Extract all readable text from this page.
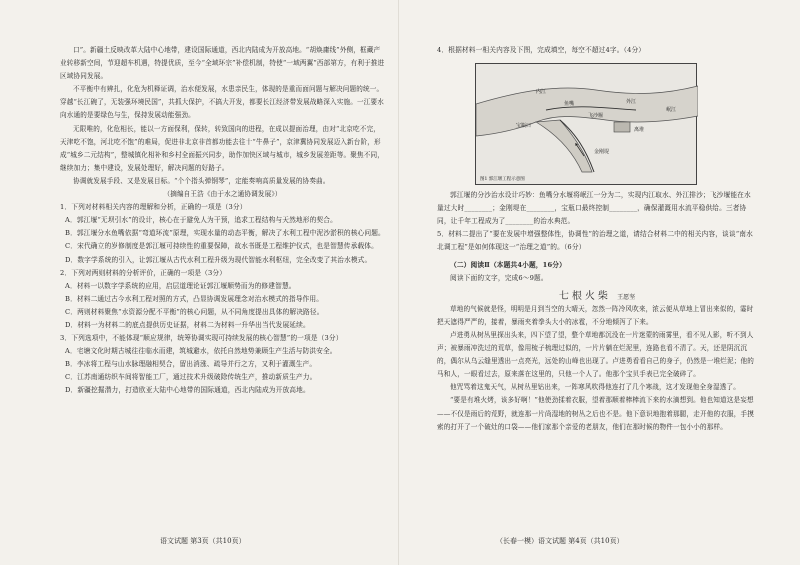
口”。新疆土反映改革大陆中心地带，建设国际通道，西北内陆成为开放高地。“胡焕庸线”外侧，框藏产业转移新空间，节迎超车机遇，特提优质，至今“全域环宗”补偿机制，特使“一域两翼”西部第方，有利于推进区域协同发展。

不平衡中有辨扎，化危为机释证调，治水便发展，水患亲民生，体现的是重而面问题与解决问题的统一。穿越“长江碗了，无装强环境民国”，共抓大保护，不搞大开发，都要长江经济带发展战略深入实施。一江要水向水通的是要绿色与生，保持发展动能强劲。

无限唯的，化危相长，能以一方面保利，保转，转致国向的进程，在成以提面治理，由对“北京吃不完，天津吃不饱，河北吃不饱”的难局，促进非北京非首都功能去往十“牛鼻子”，京津冀协同发展迈入新台阶，形成“城乡二元结构”，整城镇化相补和乡村全面振兴同步，助作加快区域与城市，城乡发展差距等。聚焦不同，继续加力；集中建设，发展处理好，解决问题的好路子。

协调就发展手段、又是发展目标。“个个指头弹钢琴”，定能奏响高质量发展的协奏曲。

（摘编自王浩《由于水之通协调发展》）

1．下列对材料相关内容的理解和分析，正确的一项是（3分）

A．郭江堰“无坝引水”的设计，核心在于避免人为干预，追求工程结构与天然地形的契合。

B．郭江堰分水鱼嘴依据“弯道环流”原理，实现水量的动态平衡，解决了水利工程中泥沙淤积的核心问题。

C．宋代确立的岁修制度是郭江堰可持续性的重要保障，故水书既是工程维护仪式，也是智慧传承载体。

D．数字学系统的引入，让郭江堰从古代水利工程升级为现代智能水利枢纽，完全改变了其治水模式。

2．下列对两则材料的分析评价，正确的一项是（3分）

A．材料一以数字学系统的应用，启层道理论证郭江堰顺势而为的修建智慧。

B．材料二通过古今水利工程对照的方式，凸显协调发展理念对治水模式的指导作用。

C．两则材料聚焦“水资源分配不平衡”的核心问题，从不同角度提出具体的解决路径。

D．材料一为材料二的底点提供历史证据，材料二为材料一升华出当代发展延续。

3．下列选项中，不能体现“顺应规律，统筹协调实现可持续发展的核心智慧”的一项是（3分）

A．宅塘文化时期古城往往临水而建，筑城避水，依托自然地势兼顾生产生活与防洪安全。

B．李冰将工程与山水脉理融相契合，留出消涨、疏导并行之方，又利于灌溉生产。

C．江苏南通纺织车间将智能工厂，通过技术升级破除传统生产，推动新质生产力。

D．新疆挖掘潜力，打造欧亚大陆中心地带的国际通道，西北内陆成为开放高地。

4．根据材料一相关内容及下图，完成填空，每空不超过4字。（4分）

内江
外江
飞沙堰
宝瓶口
离堆
鱼嘴
金刚堤
岷江
图1 郭江堰工程示意图

郭江堰的分沙治水设计巧妙：鱼嘴分水堰将岷江一分为二，实现内江取水、外江排沙；飞沙堰能在水量过大时________；金刚堤在________，宝瓶口最终控制________，确保灌溉用水流平稳供给。三者协同，让千年工程成为了________的治水典范。

5．材料二提出了“要在发展中增强整体性，协调性”的治理之道，请结合材料二中的相关内容，谈谈“南水北调工程”是如何体现这一“治理之道”的。（6分）

（二）阅读Ⅱ（本题共4小题，16分）

阅读下面的文字，完成6～9题。

七根火柴 王愿坚

草地的气候就是怪，明明是月到当空的大晴天，忽然一阵冷风吹来，浓云便从草地上冒出来似的，霎时把天遮得严严的，接着，暴雨夹着拳头大小的冰雹，不分地倾泻了下来。

卢进勇从树丛里探出头来，四下望了望，整个草地都沉没在一片迷蒙的雨雾里，看不见人影，听不到人声；被暴雨冲洗过的荒草，像用梳子梳理过似的，一片片躺在烂泥里，连路也看不清了。天，还是阴沉沉的，偶尔从乌云缝里透出一点亮光，远处的山峰也出现了。卢进勇看看自己的身子，仍然是一堆烂泥；他的马和人，一眼看过去，原来落在这里的，只他一个人了。他那个宝贝手表已完全破碎了。

他咒骂着这鬼天气，从树丛里钻出来，一阵寒风吹得他连打了几个寒战，这才发现他全身湿透了。

“要是有堆火烤，该多好啊！”他使劲揉着衣服，望着那顺着棒棒流下来的水滴想到。他也知道这是妄想——不仅是雨后的荒野，就连那一片尚湿地的树丛之后也不是。他下意识地抱着那腿，走开他的衣服，手摸索的打开了一个破灶的口袋——他们家那个亲爱的老朋友，他们在那时候的物件一包小小的那样。

语文试题 第3页（共10页）	（长春一模）语文试题 第4页（共10页）
